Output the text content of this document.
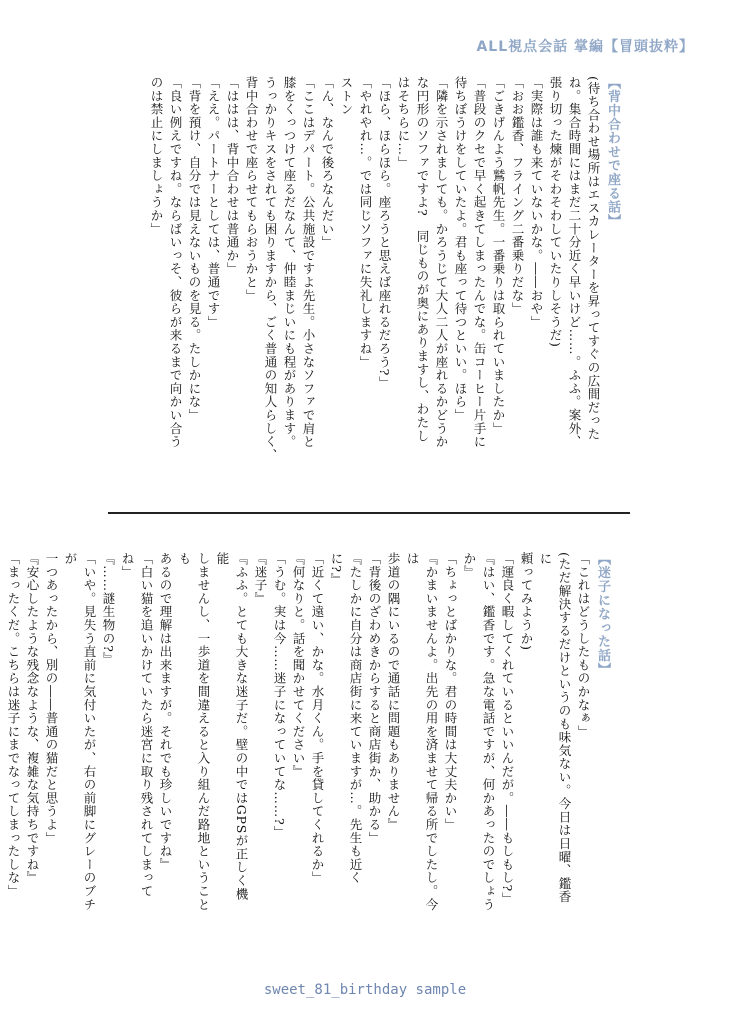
ALL視点会話 掌編【冒頭抜粋】
【背中合わせで座る話】

(待ち合わせ場所はエスカレーターを昇ってすぐの広間だった
ね。集合時間にはまだ二十分近く早いけど……。ふふ。案外、
張り切った煉がそわそわしていたりしそうだ)
「実際は誰も来ていないかな。――おや」
「おお鑑香、フライング二番乗りだな」
「ごきげんよう鷲帆先生。一番乗りは取られていましたか」
「普段のクセで早く起きてしまったんでな。缶コーヒー片手に
待ちぼうけをしていたよ。君も座って待つといい。ほら」
「隣を示されましても。かろうじて大人二人が座れるかどうか
な円形のソファですよ?　同じものが奥にありますし、わたし
はそちらに…」
「ほら、ほらほら。座ろうと思えば座れるだろう?」
「やれやれ…。では同じソファに失礼しますね」
ストン
「ん、なんで後ろなんだい」
「ここはデパート。公共施設ですよ先生。小さなソファで肩と
膝をくっつけて座るだなんて、仲睦まじいにも程があります。
うっかりキスをされても困りますから、ごく普通の知人らしく、
背中合わせで座らせてもらおうかと」
「ははは、背中合わせは普通か」
「ええ。パートナーとしては、普通です」
「背を預け、自分では見えないものを見る。たしかにな」
「良い例えですね。ならばいっそ、彼らが来るまで向かい合う
のは禁止にしましょうか」

【迷子になった話】

「これはどうしたものかなぁ」
(ただ解決するだけというのも味気ない。今日は日曜、鑑香に
頼ってみようか)
「運良く暇してくれているといいんだが。――もしもし?」
『はい、鑑香です。急な電話ですが、何かあったのでしょうか』
「ちょっとばかりな。君の時間は大丈夫かい」
『かまいませんよ。出先の用を済ませて帰る所でしたし。今は
歩道の隅にいるので通話に問題もありません』
「背後のざわめきからすると商店街か、助かる」
『たしかに自分は商店街に来ていますが…。先生も近くに?』
「近くて遠い、かな。水月くん。手を貸してくれるか」
『何なりと。話を聞かせてください』
「うむ。実は今……迷子になっていてな……?」
『迷子』
『ふふ。とても大きな迷子だ。壁の中ではGPSが正しく機能
しませんし、一歩道を間違えると入り組んだ路地ということも
あるので理解は出来ますが。それでも珍しいですね』
「白い猫を追いかけていたら迷宮に取り残されてしまってね」
『……謎生物の?』
「いや。見失う直前に気付いたが、右の前脚にグレーのブチが
一つあったから、別の――普通の猫だと思うよ」
『安心したような残念なような、複雑な気持ちですね』
「まったくだ。こちらは迷子にまでなってしまったしな」

sweet_81_birthday sample
